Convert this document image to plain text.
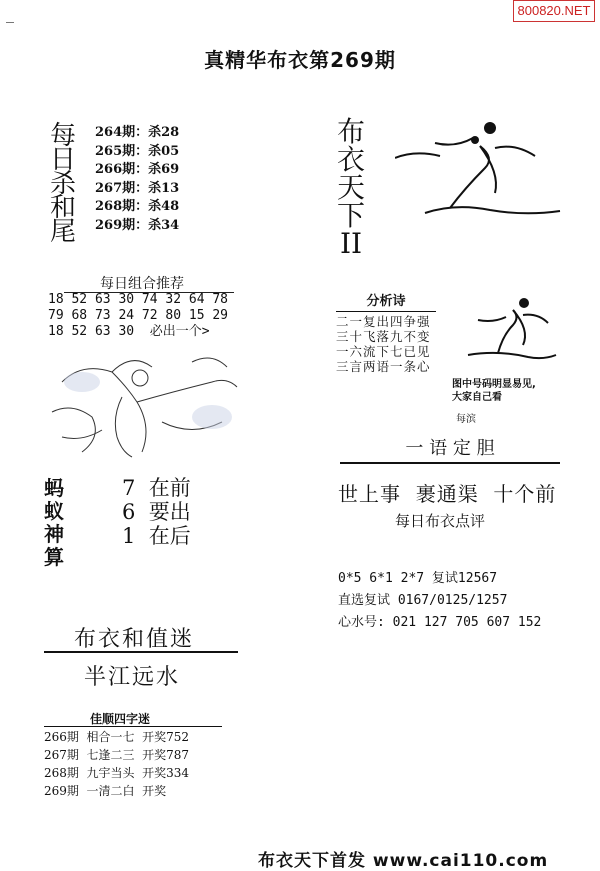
800820.NET
真精华布衣第269期
每
日
杀
和
尾
264期：杀28
265期：杀05
266期：杀69
267期：杀13
268期：杀48
269期：杀34
每日组合推荐
18 52 63 30 74 32 64 78
79 68 73 24 72 80 15 29
18 52 63 30  必出一个>
蚂
蚁
神
算
7  在前
6  要出
1  在后
布衣和值迷
半江远水
佳顺四字迷
266期  相合一七  开奖752
267期  七逢二三  开奖787
268期  九宇当头  开奖334
269期  一清二白  开奖
布
衣
天
下
II
分析诗
二一复出四争强
三十飞落九不变
一六流下七已见
三言两语一条心
图中号码明显易见,
大家自己看
每滨
一 语 定 胆
世上事  裹通渠  十个前
每日布衣点评
0*5 6*1 2*7 复试12567
直选复试 0167/0125/1257
心水号: 021 127 705 607 152
布衣天下首发 www.cai110.com
